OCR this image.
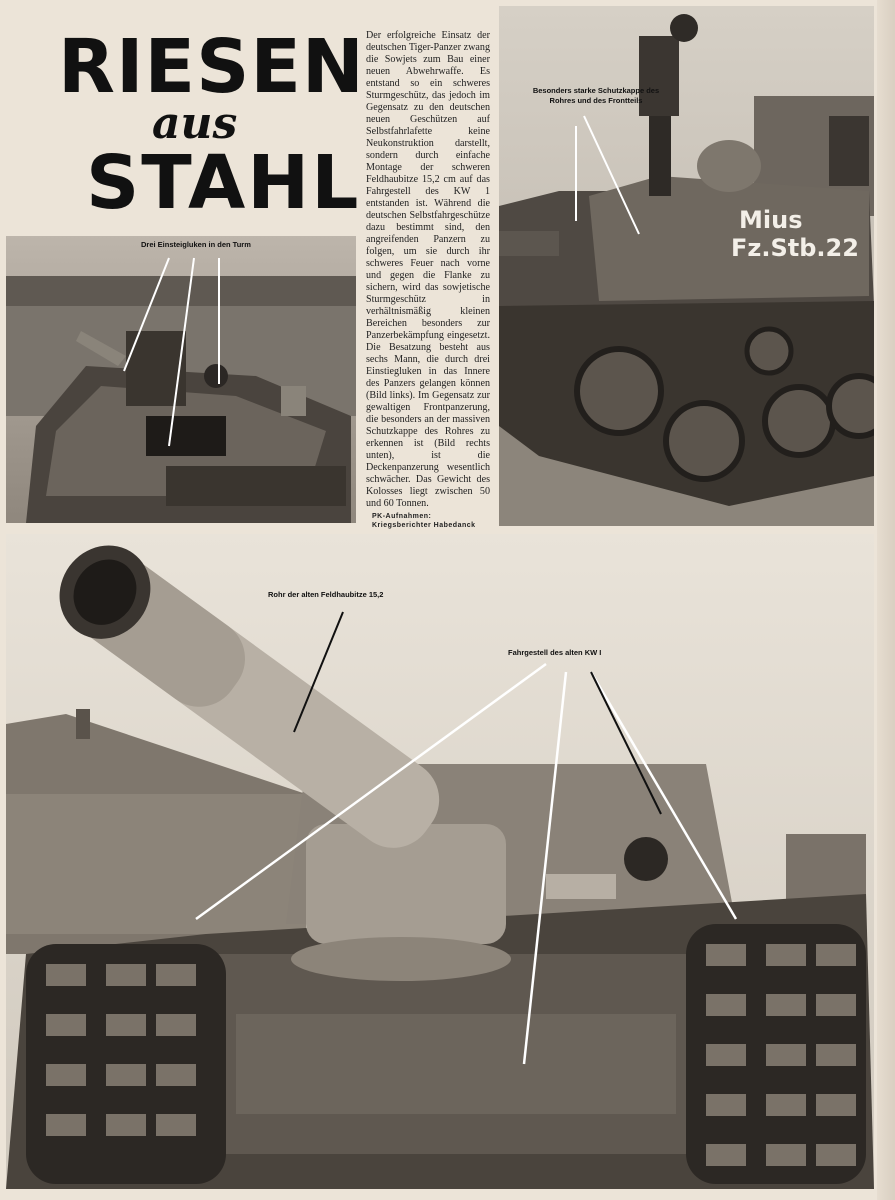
RIESEN
aus
STAHL
Der erfolgreiche Einsatz der deutschen Tiger-Panzer zwang die Sowjets zum Bau einer neuen Abwehrwaffe. Es entstand so ein schweres Sturmgeschütz, das jedoch im Gegensatz zu den deutschen neuen Geschützen auf Selbstfahrlafette keine Neukonstruktion darstellt, sondern durch einfache Montage der schweren Feldhaubitze 15,2 cm auf das Fahrgestell des KW 1 entstanden ist. Während die deutschen Selbstfahrgeschütze dazu bestimmt sind, den angreifenden Panzern zu folgen, um sie durch ihr schweres Feuer nach vorne und gegen die Flanke zu sichern, wird das sowjetische Sturmgeschütz in verhältnismäßig kleinen Bereichen besonders zur Panzerbekämpfung eingesetzt. Die Besatzung besteht aus sechs Mann, die durch drei Einstiegluken in das Innere des Panzers gelangen können (Bild links). Im Gegensatz zur gewaltigen Frontpanzerung, die besonders an der massiven Schutzkappe des Rohres zu erkennen ist (Bild rechts unten), ist die Deckenpanzerung wesentlich schwächer. Das Gewicht des Kolosses liegt zwischen 50 und 60 Tonnen.
PK-Aufnahmen:
Kriegsberichter Habedanck
Drei Einsteigluken in den Turm
Besonders starke Schutzkappe des Rohres und des Frontteils
Mius
Fz.Stb.22
Rohr der alten Feldhaubitze 15,2
Fahrgestell des alten KW I
